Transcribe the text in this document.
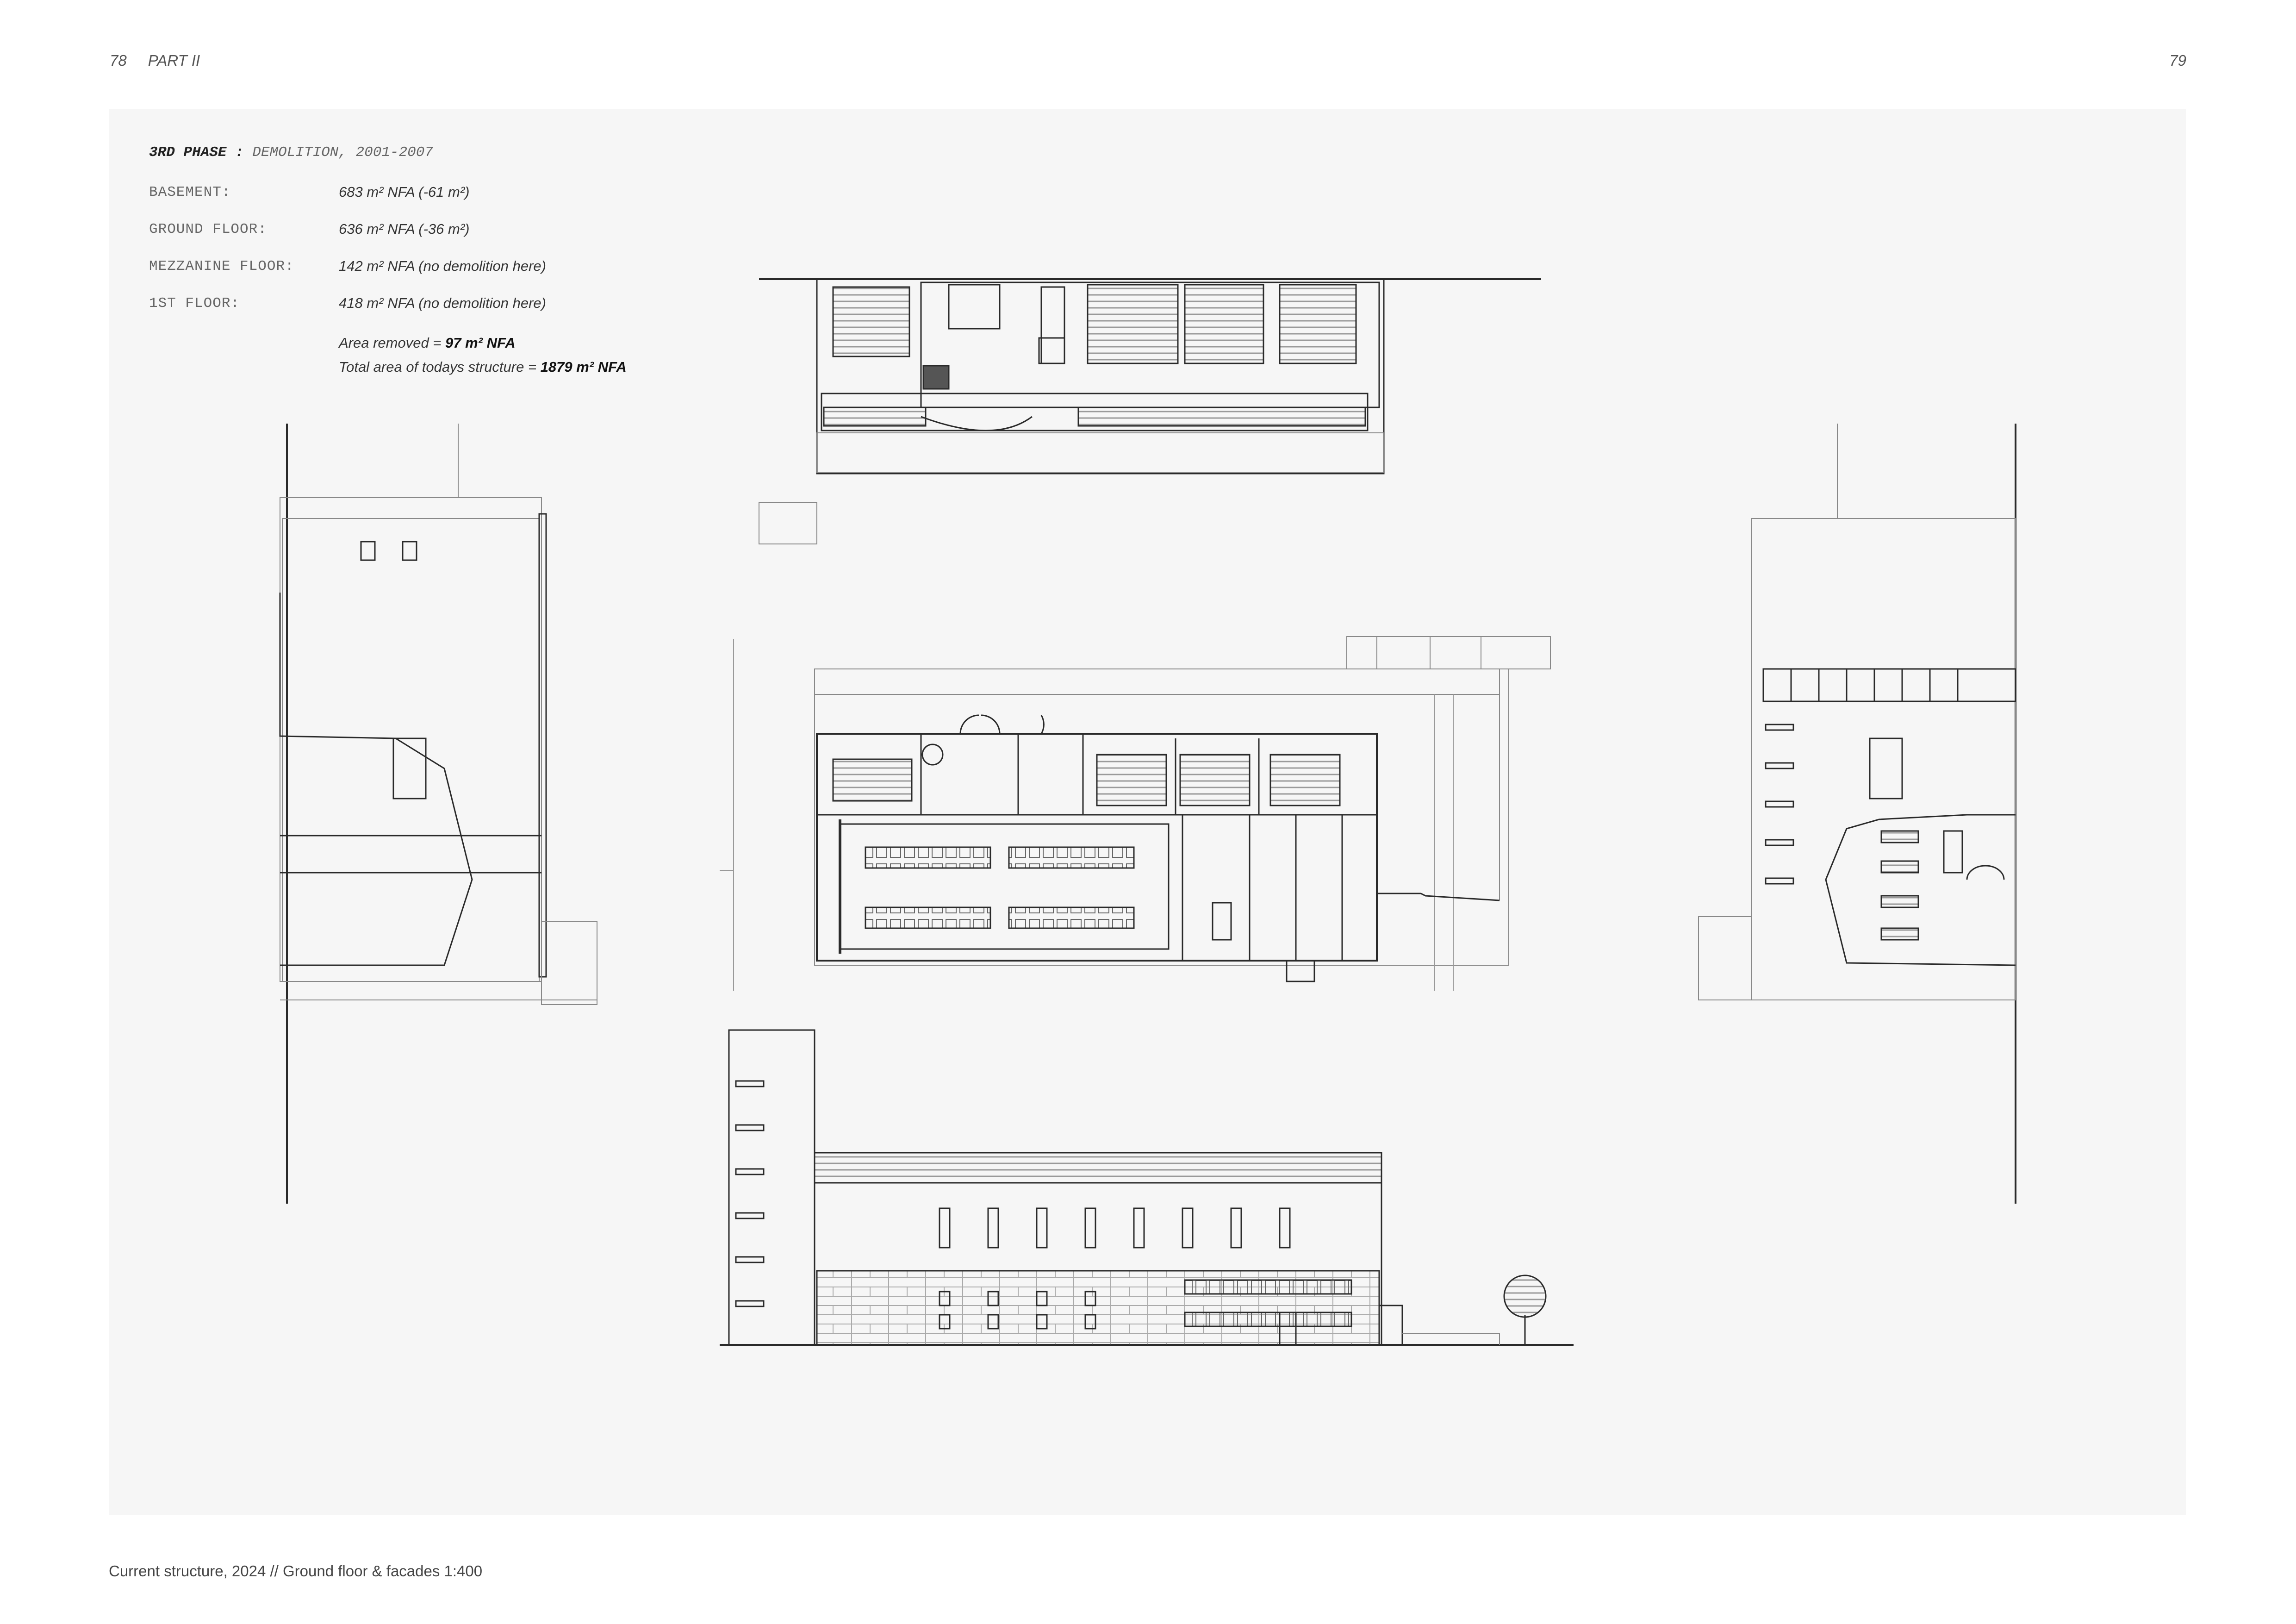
78 PART II	79
3RD PHASE : DEMOLITION, 2001-2007
BASEMENT:	683 m² NFA (-61 m²)
GROUND FLOOR:	636 m² NFA (-36 m²)
MEZZANINE FLOOR:	142 m² NFA (no demolition here)
1ST FLOOR:	418 m² NFA (no demolition here)
Area removed = 97 m² NFA
Total area of todays structure = 1879 m² NFA
Current structure, 2024 // Ground floor & facades 1:400
